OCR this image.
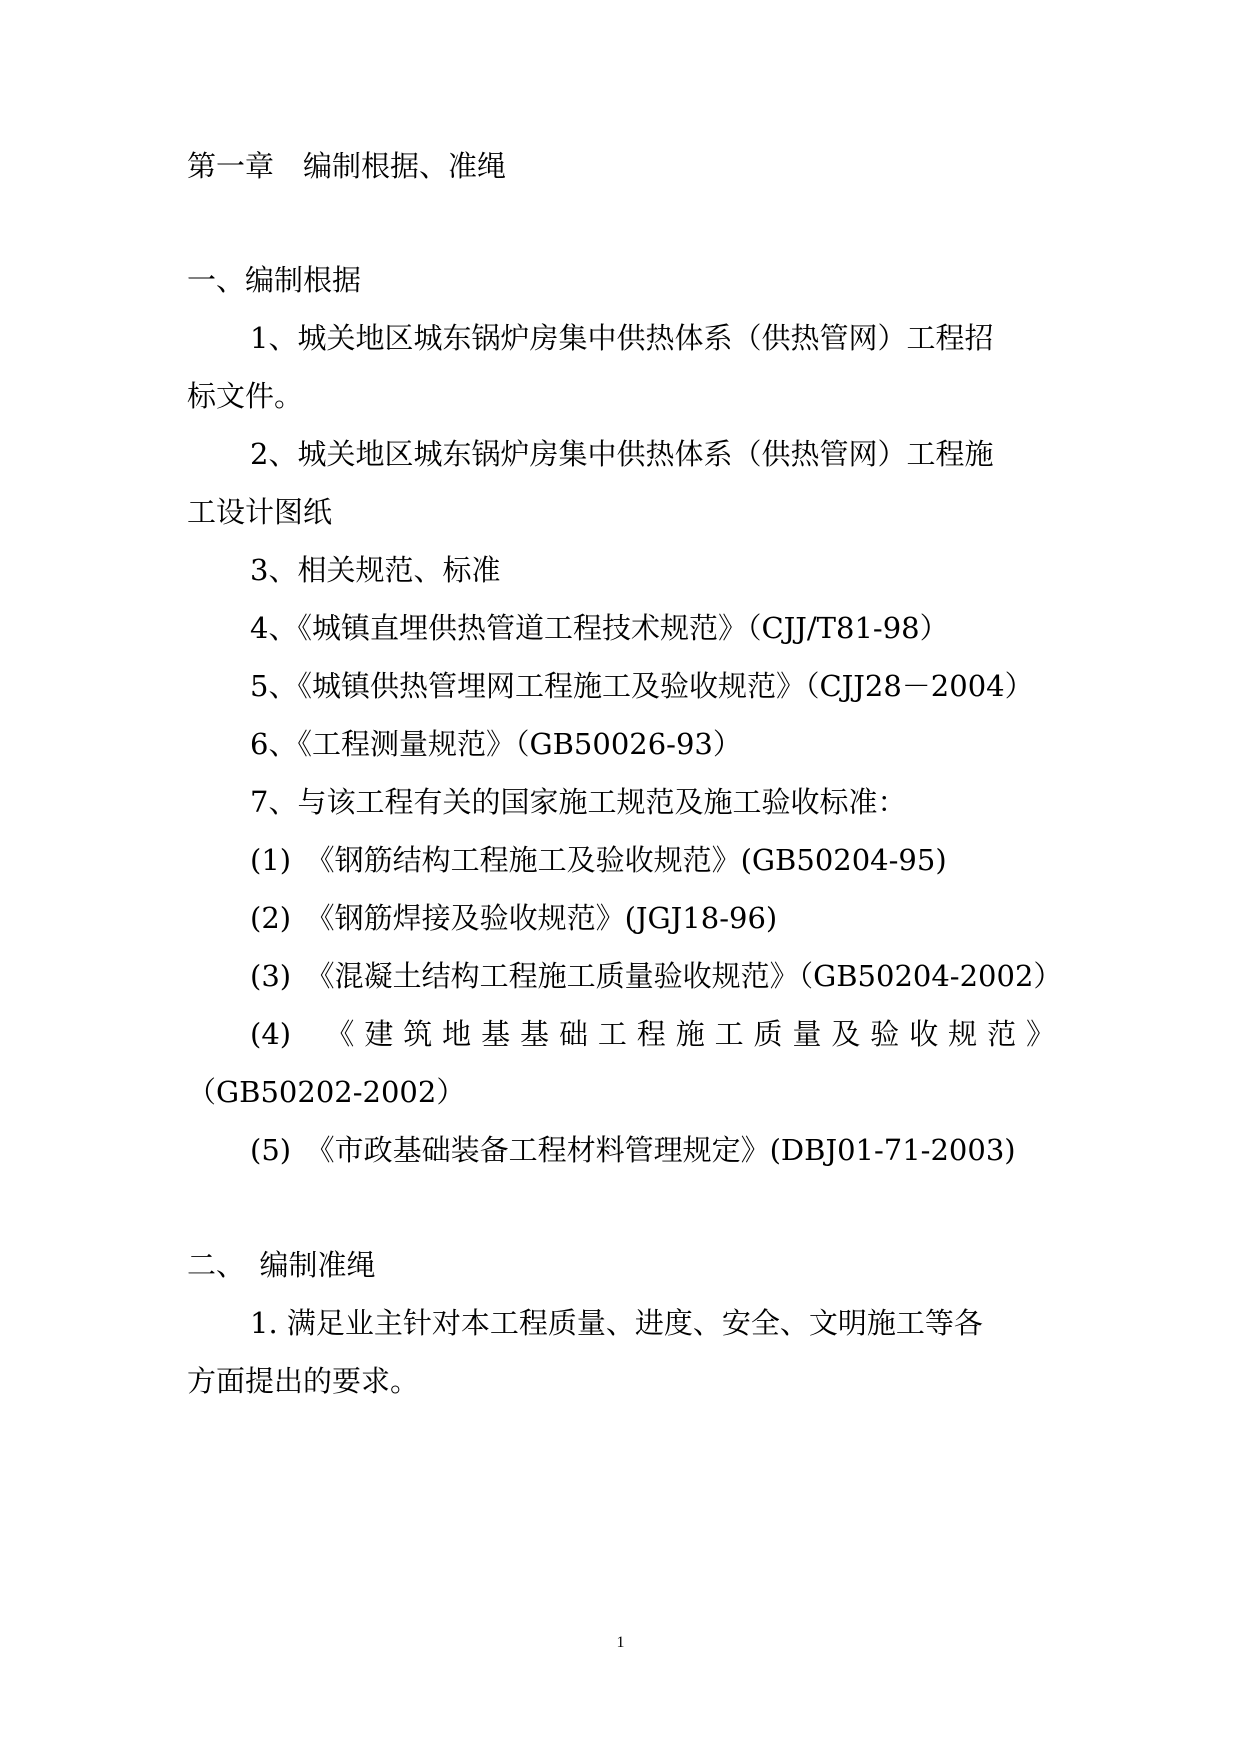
第一章　编制根据、准绳
一、编制根据
1、城关地区城东锅炉房集中供热体系（供热管网）工程招
标文件。
2、城关地区城东锅炉房集中供热体系（供热管网）工程施
工设计图纸
3、相关规范、标准
4、《城镇直埋供热管道工程技术规范》（CJJ/T81-98）
5、《城镇供热管埋网工程施工及验收规范》（CJJ28－2004）
6、《工程测量规范》（GB50026-93）
7、与该工程有关的国家施工规范及施工验收标准：
(1)　《钢筋结构工程施工及验收规范》(GB50204-95)
(2)　《钢筋焊接及验收规范》(JGJ18-96)
(3)　《混凝土结构工程施工质量验收规范》（GB50204-2002）
(4)　《建筑地基基础工程施工质量及验收规范》
（GB50202-2002）
(5)　《市政基础装备工程材料管理规定》(DBJ01-71-2003)
二、　编制准绳
1. 满足业主针对本工程质量、进度、安全、文明施工等各
方面提出的要求。
1
